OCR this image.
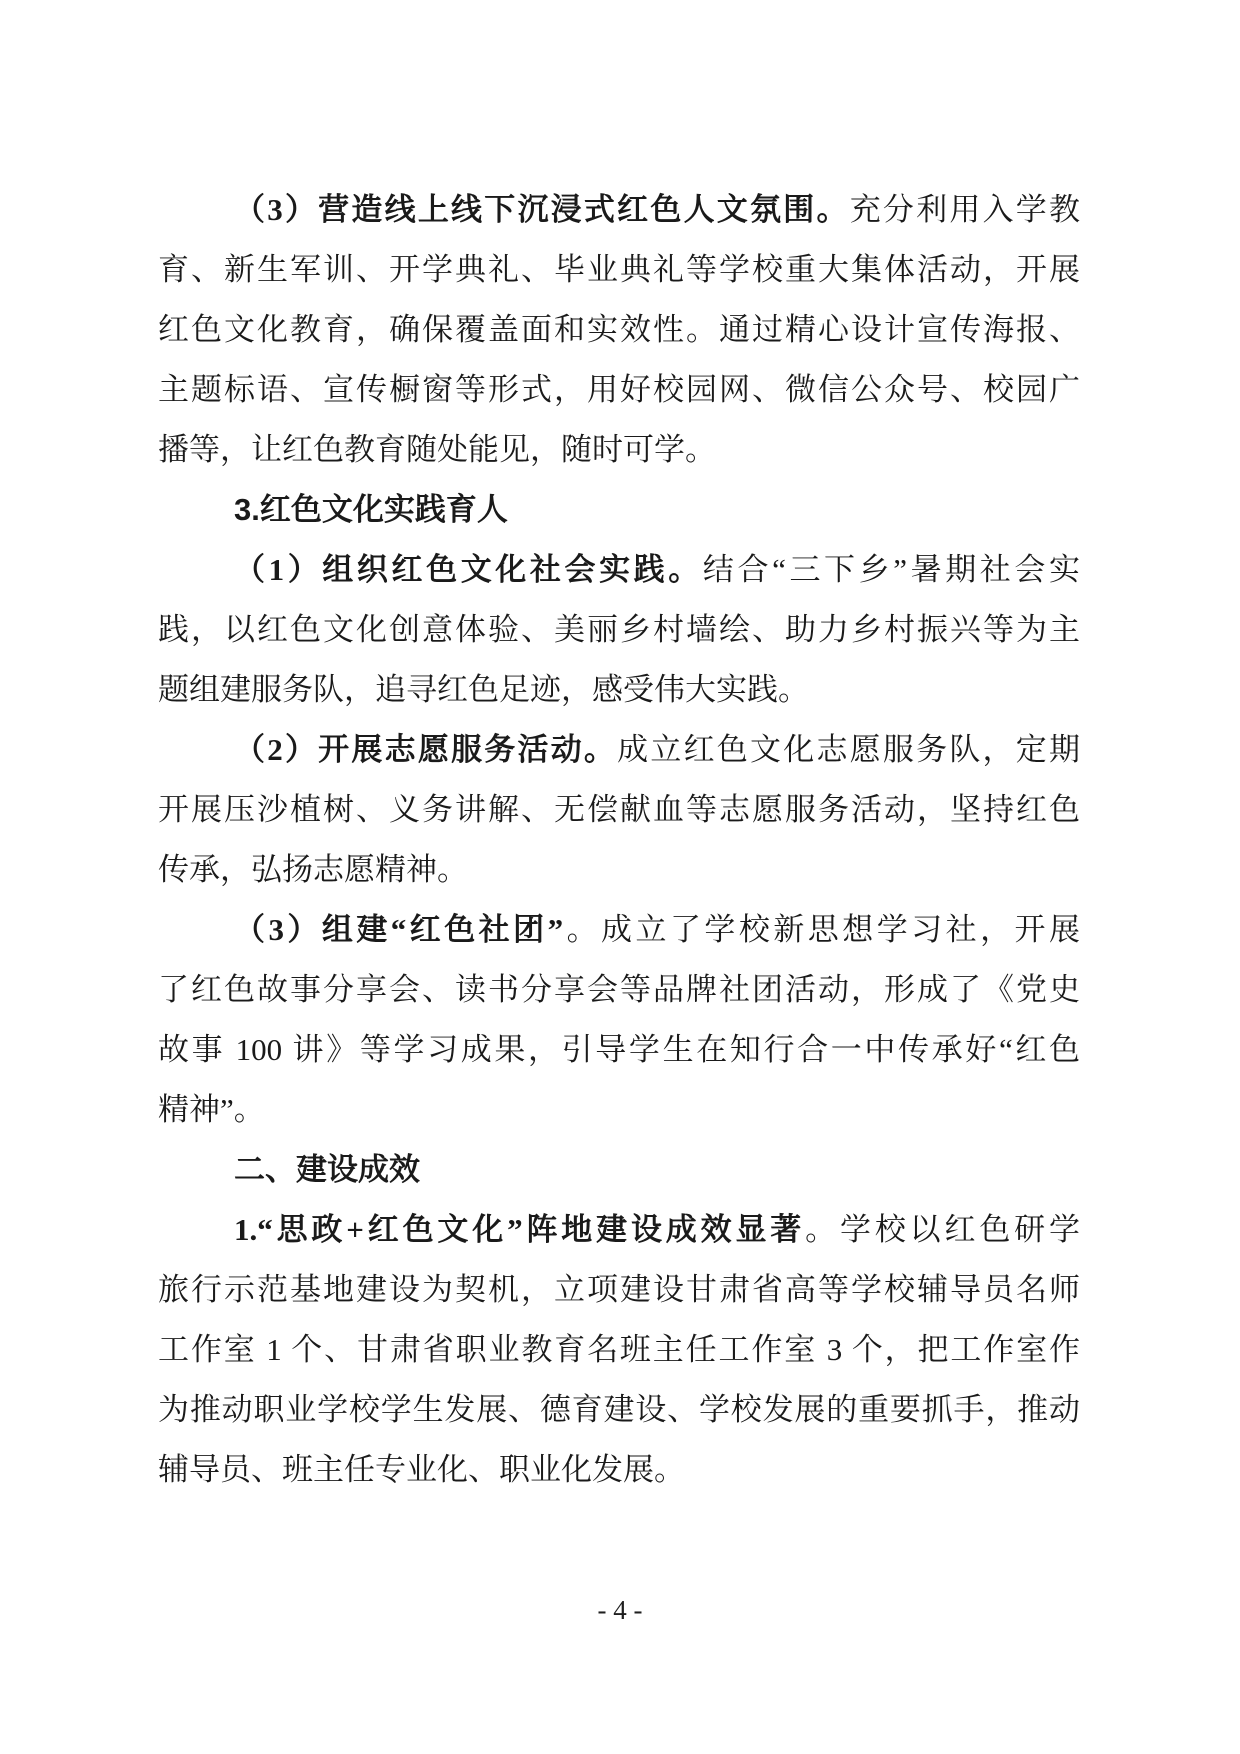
（3）营造线上线下沉浸式红色人文氛围。充分利用入学教
育、新生军训、开学典礼、毕业典礼等学校重大集体活动，开展
红色文化教育，确保覆盖面和实效性。通过精心设计宣传海报、
主题标语、宣传橱窗等形式，用好校园网、微信公众号、校园广
播等，让红色教育随处能见，随时可学。
3.红色文化实践育人
（1）组织红色文化社会实践。结合“三下乡”暑期社会实
践，以红色文化创意体验、美丽乡村墙绘、助力乡村振兴等为主
题组建服务队，追寻红色足迹，感受伟大实践。
（2）开展志愿服务活动。成立红色文化志愿服务队，定期
开展压沙植树、义务讲解、无偿献血等志愿服务活动，坚持红色
传承，弘扬志愿精神。
（3）组建“红色社团”。成立了学校新思想学习社，开展
了红色故事分享会、读书分享会等品牌社团活动，形成了《党史
故事 100 讲》等学习成果，引导学生在知行合一中传承好“红色
精神”。
二、建设成效
1.“思政+红色文化”阵地建设成效显著。学校以红色研学
旅行示范基地建设为契机，立项建设甘肃省高等学校辅导员名师
工作室 1 个、甘肃省职业教育名班主任工作室 3 个，把工作室作
为推动职业学校学生发展、德育建设、学校发展的重要抓手，推动
辅导员、班主任专业化、职业化发展。
- 4 -
